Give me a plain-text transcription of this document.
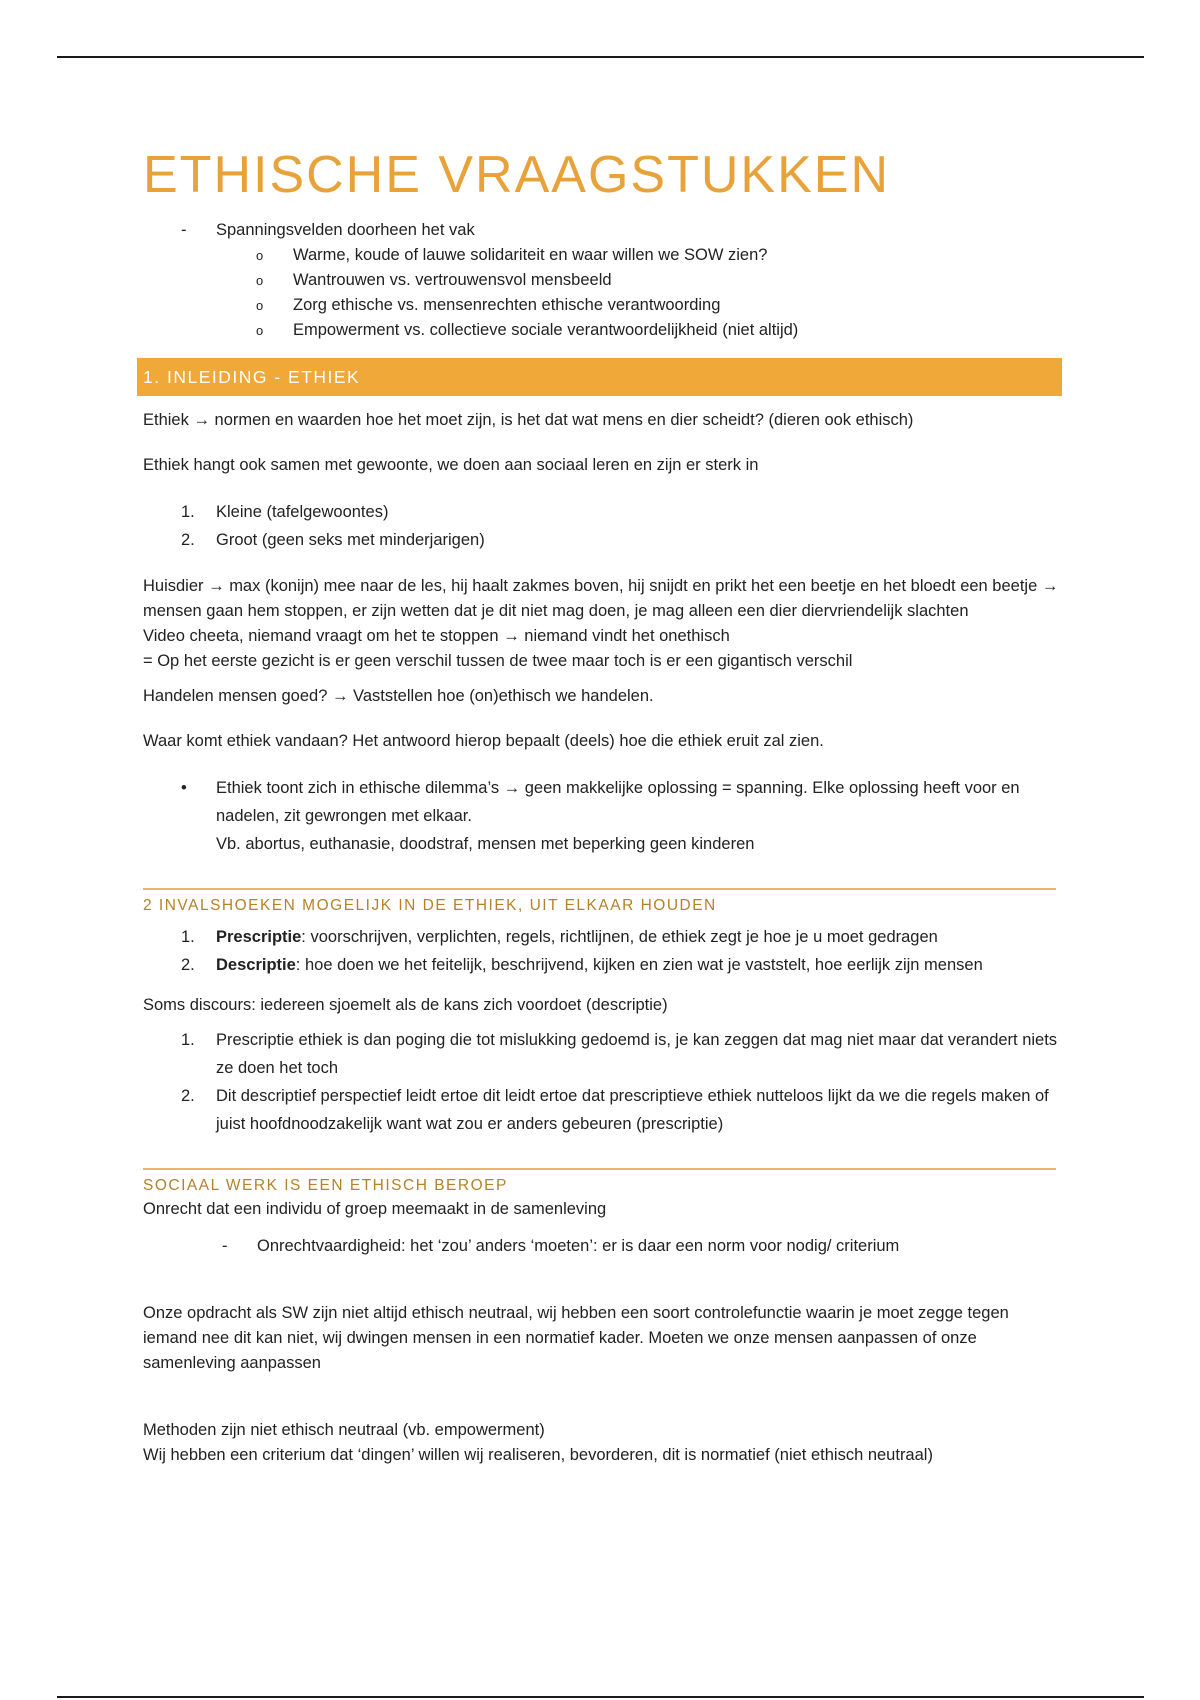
ETHISCHE VRAAGSTUKKEN
- Spanningsvelden doorheen het vak
o Warme, koude of lauwe solidariteit en waar willen we SOW zien?
o Wantrouwen vs. vertrouwensvol mensbeeld
o Zorg ethische vs. mensenrechten ethische verantwoording
o Empowerment vs. collectieve sociale verantwoordelijkheid (niet altijd)
1. INLEIDING - ETHIEK

Ethiek → normen en waarden hoe het moet zijn, is het dat wat mens en dier scheidt? (dieren ook ethisch)

Ethiek hangt ook samen met gewoonte, we doen aan sociaal leren en zijn er sterk in

1. Kleine (tafelgewoontes)
2. Groot (geen seks met minderjarigen)

Huisdier → max (konijn) mee naar de les, hij haalt zakmes boven, hij snijdt en prikt het een beetje en het bloedt een beetje → mensen gaan hem stoppen, er zijn wetten dat je dit niet mag doen, je mag alleen een dier diervriendelijk slachten

Video cheeta, niemand vraagt om het te stoppen → niemand vindt het onethisch

= Op het eerste gezicht is er geen verschil tussen de twee maar toch is er een gigantisch verschil

Handelen mensen goed? → Vaststellen hoe (on)ethisch we handelen.

Waar komt ethiek vandaan? Het antwoord hierop bepaalt (deels) hoe die ethiek eruit zal zien.

• Ethiek toont zich in ethische dilemma’s → geen makkelijke oplossing = spanning. Elke oplossing heeft voor en nadelen, zit gewrongen met elkaar.
Vb. abortus, euthanasie, doodstraf, mensen met beperking geen kinderen
2 INVALSHOEKEN MOGELIJK IN DE ETHIEK, UIT ELKAAR HOUDEN
1. Prescriptie: voorschrijven, verplichten, regels, richtlijnen, de ethiek zegt je hoe je u moet gedragen
2. Descriptie: hoe doen we het feitelijk, beschrijvend, kijken en zien wat je vaststelt, hoe eerlijk zijn mensen

Soms discours: iedereen sjoemelt als de kans zich voordoet (descriptie)

1. Prescriptie ethiek is dan poging die tot mislukking gedoemd is, je kan zeggen dat mag niet maar dat verandert niets ze doen het toch
2. Dit descriptief perspectief leidt ertoe dit leidt ertoe dat prescriptieve ethiek nutteloos lijkt da we die regels maken of juist hoofdnoodzakelijk want wat zou er anders gebeuren (prescriptie)
SOCIAAL WERK IS EEN ETHISCH BEROEP

Onrecht dat een individu of groep meemaakt in de samenleving

- Onrechtvaardigheid: het ‘zou’ anders ‘moeten’: er is daar een norm voor nodig/ criterium

Onze opdracht als SW zijn niet altijd ethisch neutraal, wij hebben een soort controlefunctie waarin je moet zegge tegen iemand nee dit kan niet, wij dwingen mensen in een normatief kader. Moeten we onze mensen aanpassen of onze samenleving aanpassen

Methoden zijn niet ethisch neutraal (vb. empowerment)

Wij hebben een criterium dat ‘dingen’ willen wij realiseren, bevorderen, dit is normatief (niet ethisch neutraal)
